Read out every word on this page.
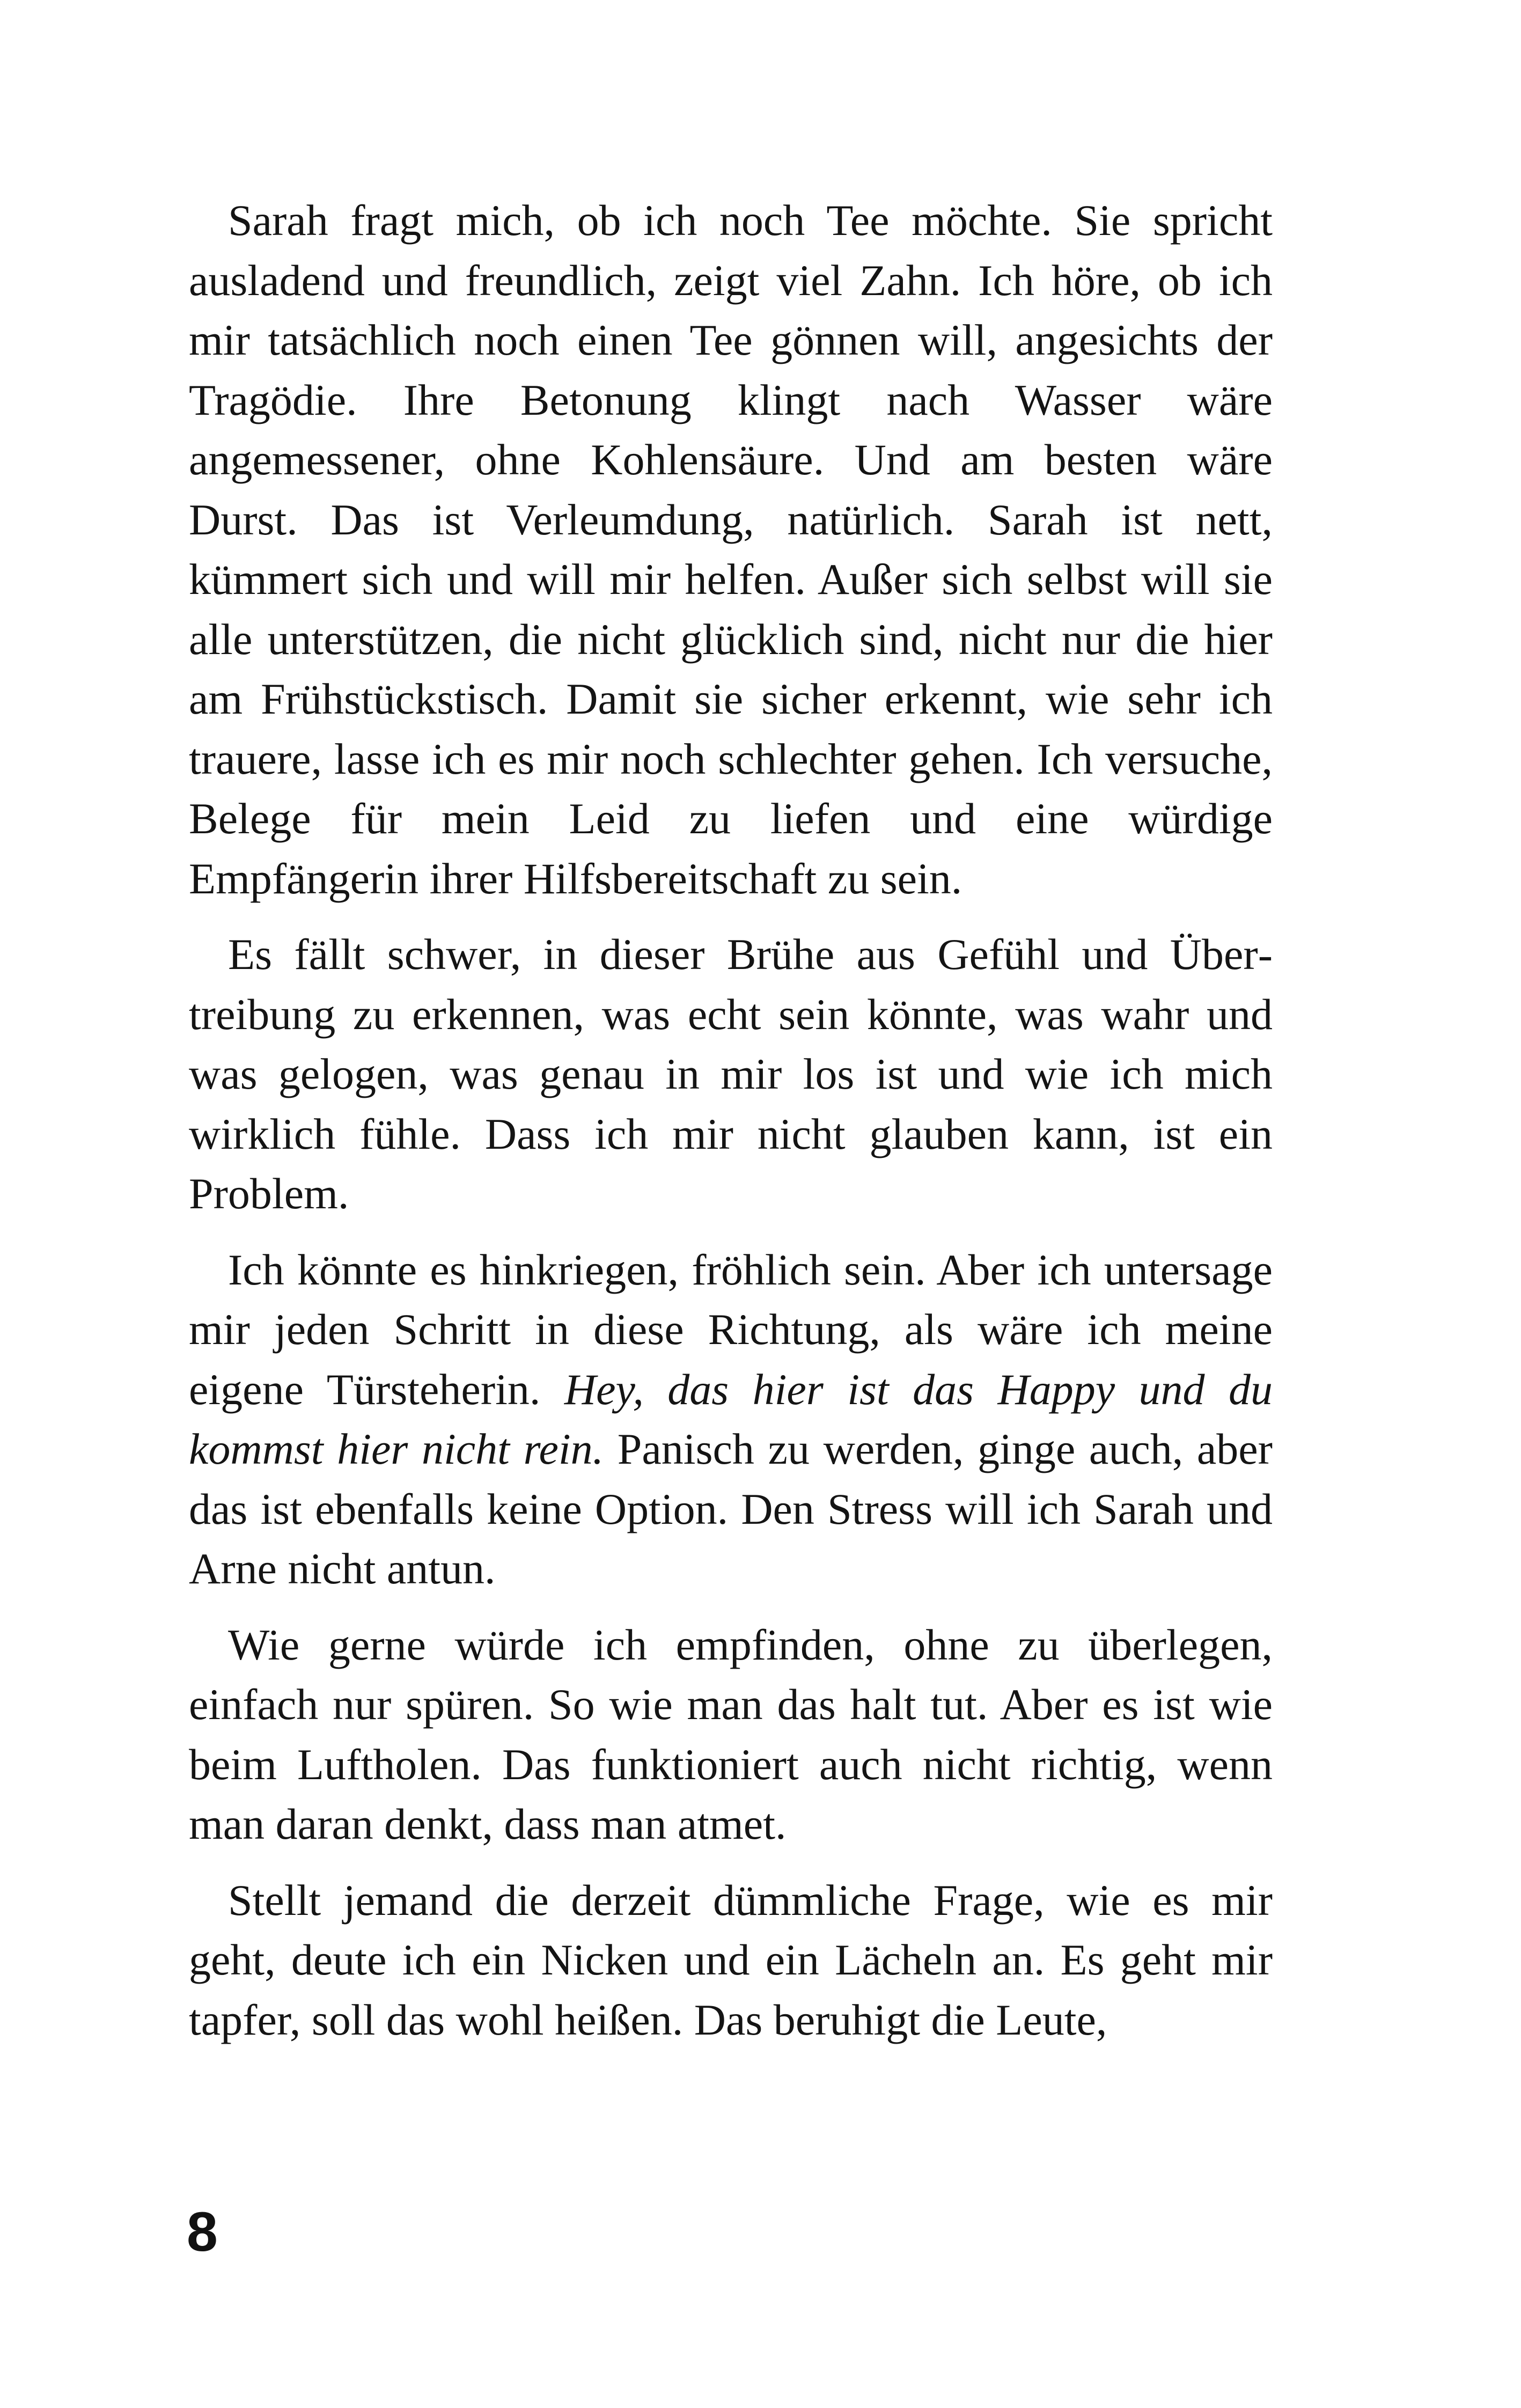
Sarah fragt mich, ob ich noch Tee möchte. Sie spricht ausladend und freundlich, zeigt viel Zahn. Ich höre, ob ich mir tatsächlich noch einen Tee gönnen will, angesichts der Tragödie. Ihre Betonung klingt nach Wasser wäre angemessener, ohne Kohlensäure. Und am besten wäre Durst. Das ist Verleumdung, natürlich. Sarah ist nett, kümmert sich und will mir helfen. Außer sich selbst will sie alle unterstützen, die nicht glücklich sind, nicht nur die hier am Frühstückstisch. Damit sie sicher erkennt, wie sehr ich trauere, lasse ich es mir noch schlechter gehen. Ich versuche, Belege für mein Leid zu liefen und eine würdige Empfängerin ihrer Hilfsbereitschaft zu sein.

Es fällt schwer, in dieser Brühe aus Gefühl und Übertreibung zu erkennen, was echt sein könnte, was wahr und was gelogen, was genau in mir los ist und wie ich mich wirklich fühle. Dass ich mir nicht glauben kann, ist ein Problem.

Ich könnte es hinkriegen, fröhlich sein. Aber ich untersage mir jeden Schritt in diese Richtung, als wäre ich meine eigene Türsteherin. Hey, das hier ist das Happy und du kommst hier nicht rein. Panisch zu werden, ginge auch, aber das ist ebenfalls keine Option. Den Stress will ich Sarah und Arne nicht antun.

Wie gerne würde ich empfinden, ohne zu überlegen, einfach nur spüren. So wie man das halt tut. Aber es ist wie beim Luftholen. Das funktioniert auch nicht richtig, wenn man daran denkt, dass man atmet.

Stellt jemand die derzeit dümmliche Frage, wie es mir geht, deute ich ein Nicken und ein Lächeln an. Es geht mir tapfer, soll das wohl heißen. Das beruhigt die Leute,

8
